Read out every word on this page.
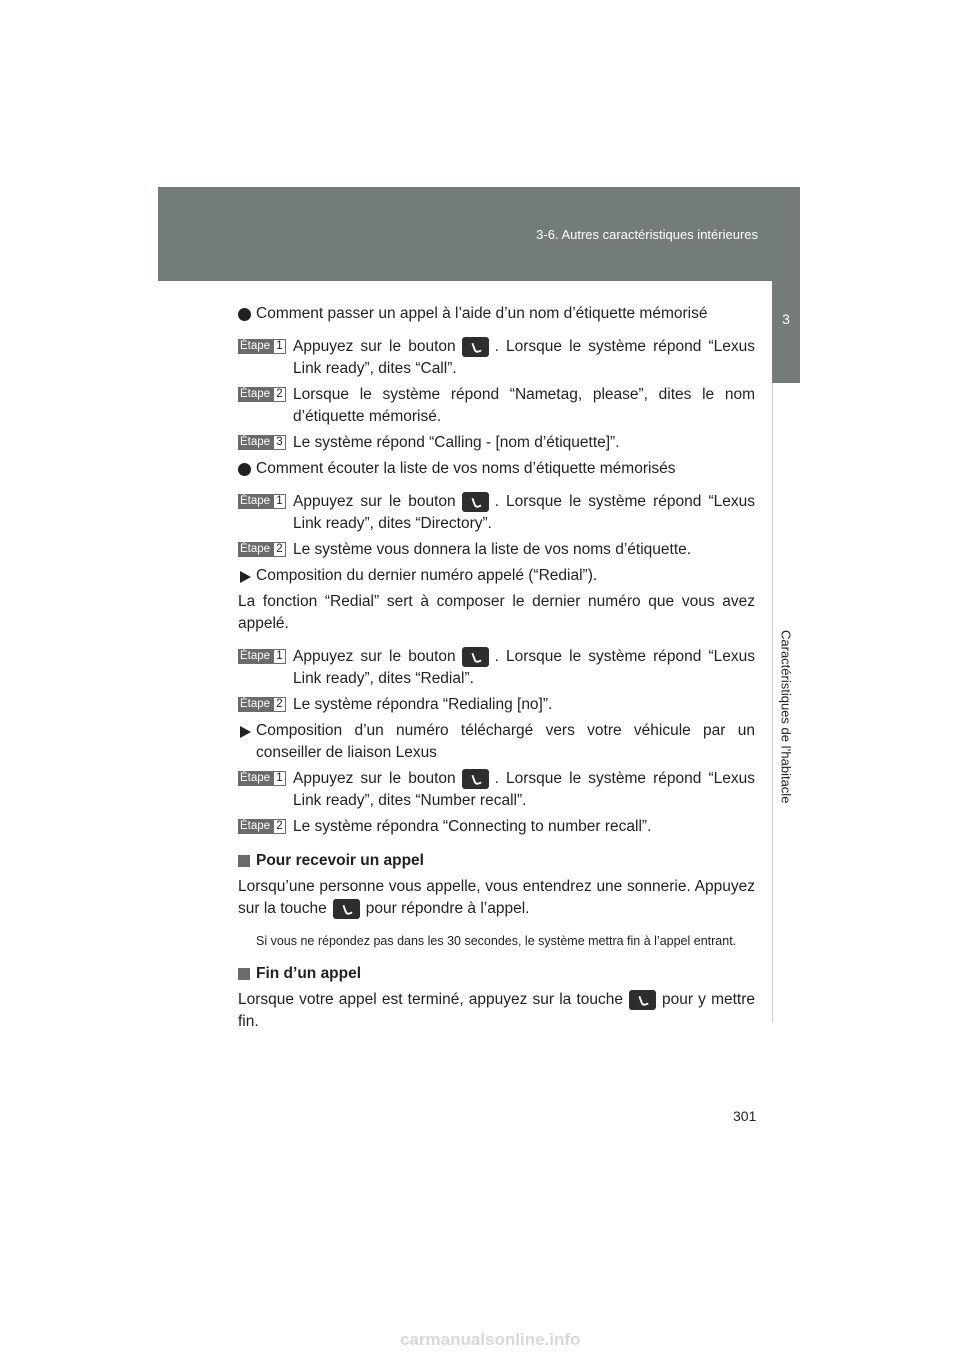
3-6. Autres caractéristiques intérieures
3
Caractéristiques de l’habitacle
Comment passer un appel à l’aide d’un nom d’étiquette mémorisé
Étape 1 Appuyez sur le bouton	. Lorsque le système répond “Lexus Link ready”, dites “Call”.
Étape 2 Lorsque le système répond “Nametag, please”, dites le nom d’étiquette mémorisé.
Étape 3 Le système répond “Calling - [nom d’étiquette]”.
Comment écouter la liste de vos noms d’étiquette mémorisés
Étape 1 Appuyez sur le bouton	. Lorsque le système répond “Lexus Link ready”, dites “Directory”.
Étape 2 Le système vous donnera la liste de vos noms d’étiquette.
Composition du dernier numéro appelé (“Redial”).
La fonction “Redial” sert à composer le dernier numéro que vous avez appelé.
Étape 1 Appuyez sur le bouton	. Lorsque le système répond “Lexus Link ready”, dites “Redial”.
Étape 2 Le système répondra “Redialing [no]”.
Composition d’un numéro téléchargé vers votre véhicule par un conseiller de liaison Lexus
Étape 1 Appuyez sur le bouton	. Lorsque le système répond “Lexus Link ready”, dites “Number recall”.
Étape 2 Le système répondra “Connecting to number recall”.
Pour recevoir un appel
Lorsqu’une personne vous appelle, vous entendrez une sonnerie. Appuyez sur la touche	pour répondre à l’appel.
Si vous ne répondez pas dans les 30 secondes, le système mettra fin à l’appel entrant.
Fin d’un appel
Lorsque votre appel est terminé, appuyez sur la touche	pour y mettre fin.
301
carmanualsonline.info
